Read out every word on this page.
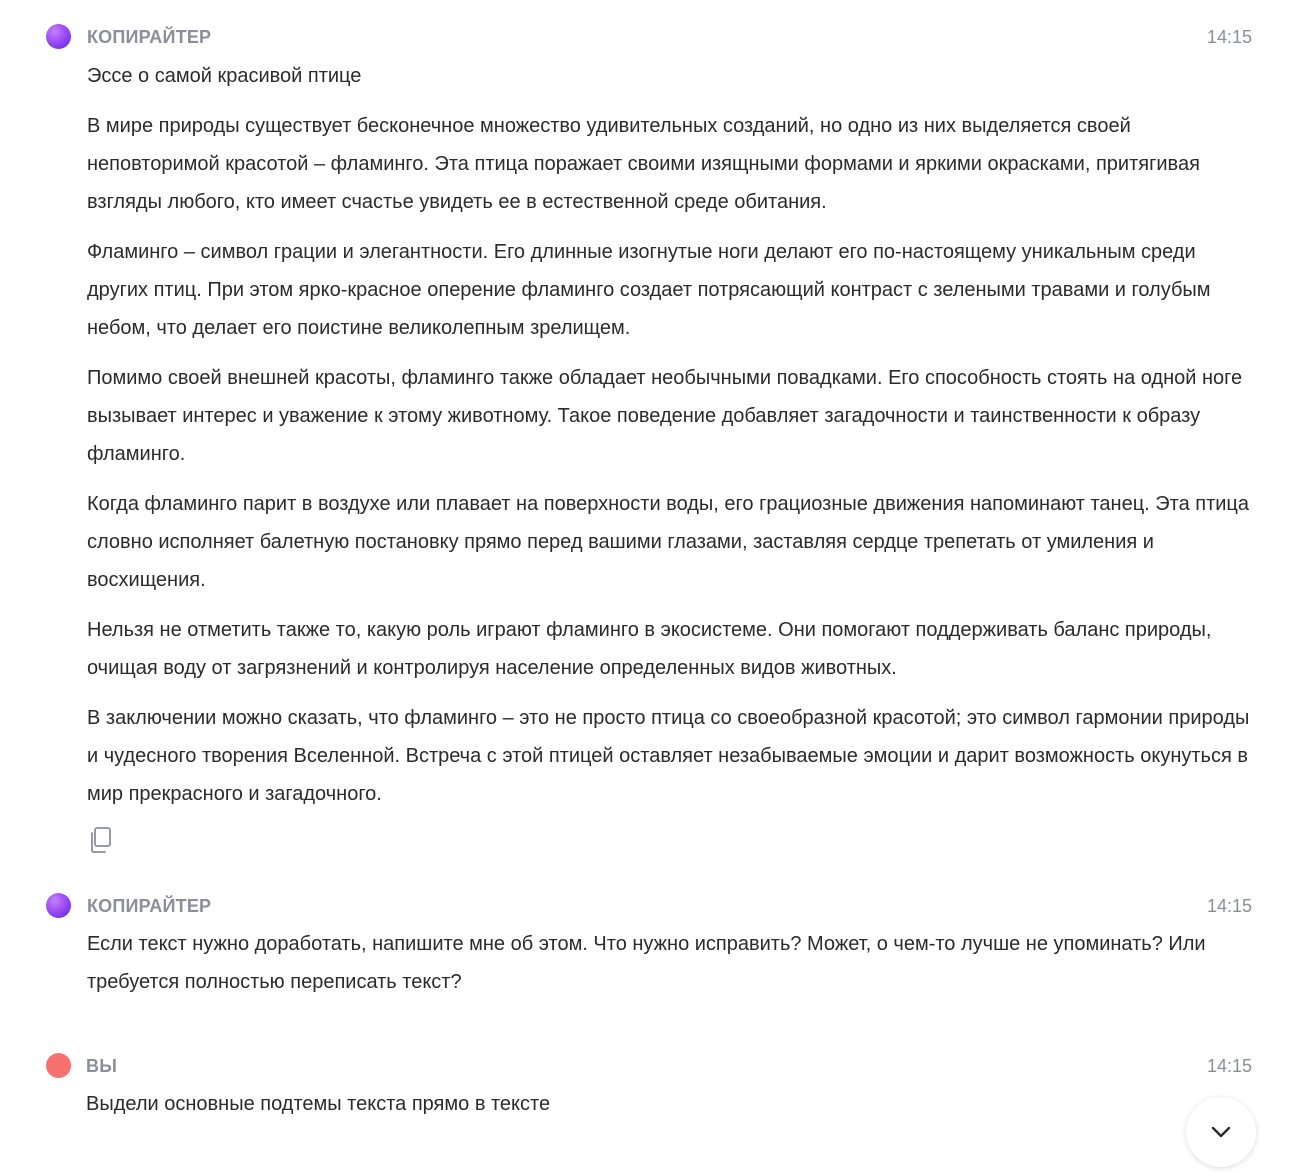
КОПИРАЙТЕР	14:15

Эссе о самой красивой птице

В мире природы существует бесконечное множество удивительных созданий, но одно из них выделяется своей неповторимой красотой – фламинго. Эта птица поражает своими изящными формами и яркими окрасками, притягивая взгляды любого, кто имеет счастье увидеть ее в естественной среде обитания.

Фламинго – символ грации и элегантности. Его длинные изогнутые ноги делают его по-настоящему уникальным среди других птиц. При этом ярко-красное оперение фламинго создает потрясающий контраст с зелеными травами и голубым небом, что делает его поистине великолепным зрелищем.

Помимо своей внешней красоты, фламинго также обладает необычными повадками. Его способность стоять на одной ноге вызывает интерес и уважение к этому животному. Такое поведение добавляет загадочности и таинственности к образу фламинго.

Когда фламинго парит в воздухе или плавает на поверхности воды, его грациозные движения напоминают танец. Эта птица словно исполняет балетную постановку прямо перед вашими глазами, заставляя сердце трепетать от умиления и восхищения.

Нельзя не отметить также то, какую роль играют фламинго в экосистеме. Они помогают поддерживать баланс природы, очищая воду от загрязнений и контролируя население определенных видов животных.

В заключении можно сказать, что фламинго – это не просто птица со своеобразной красотой; это символ гармонии природы и чудесного творения Вселенной. Встреча с этой птицей оставляет незабываемые эмоции и дарит возможность окунуться в мир прекрасного и загадочного.

КОПИРАЙТЕР	14:15

Если текст нужно доработать, напишите мне об этом. Что нужно исправить? Может, о чем-то лучше не упоминать? Или требуется полностью переписать текст?

ВЫ	14:15

Выдели основные подтемы текста прямо в тексте
